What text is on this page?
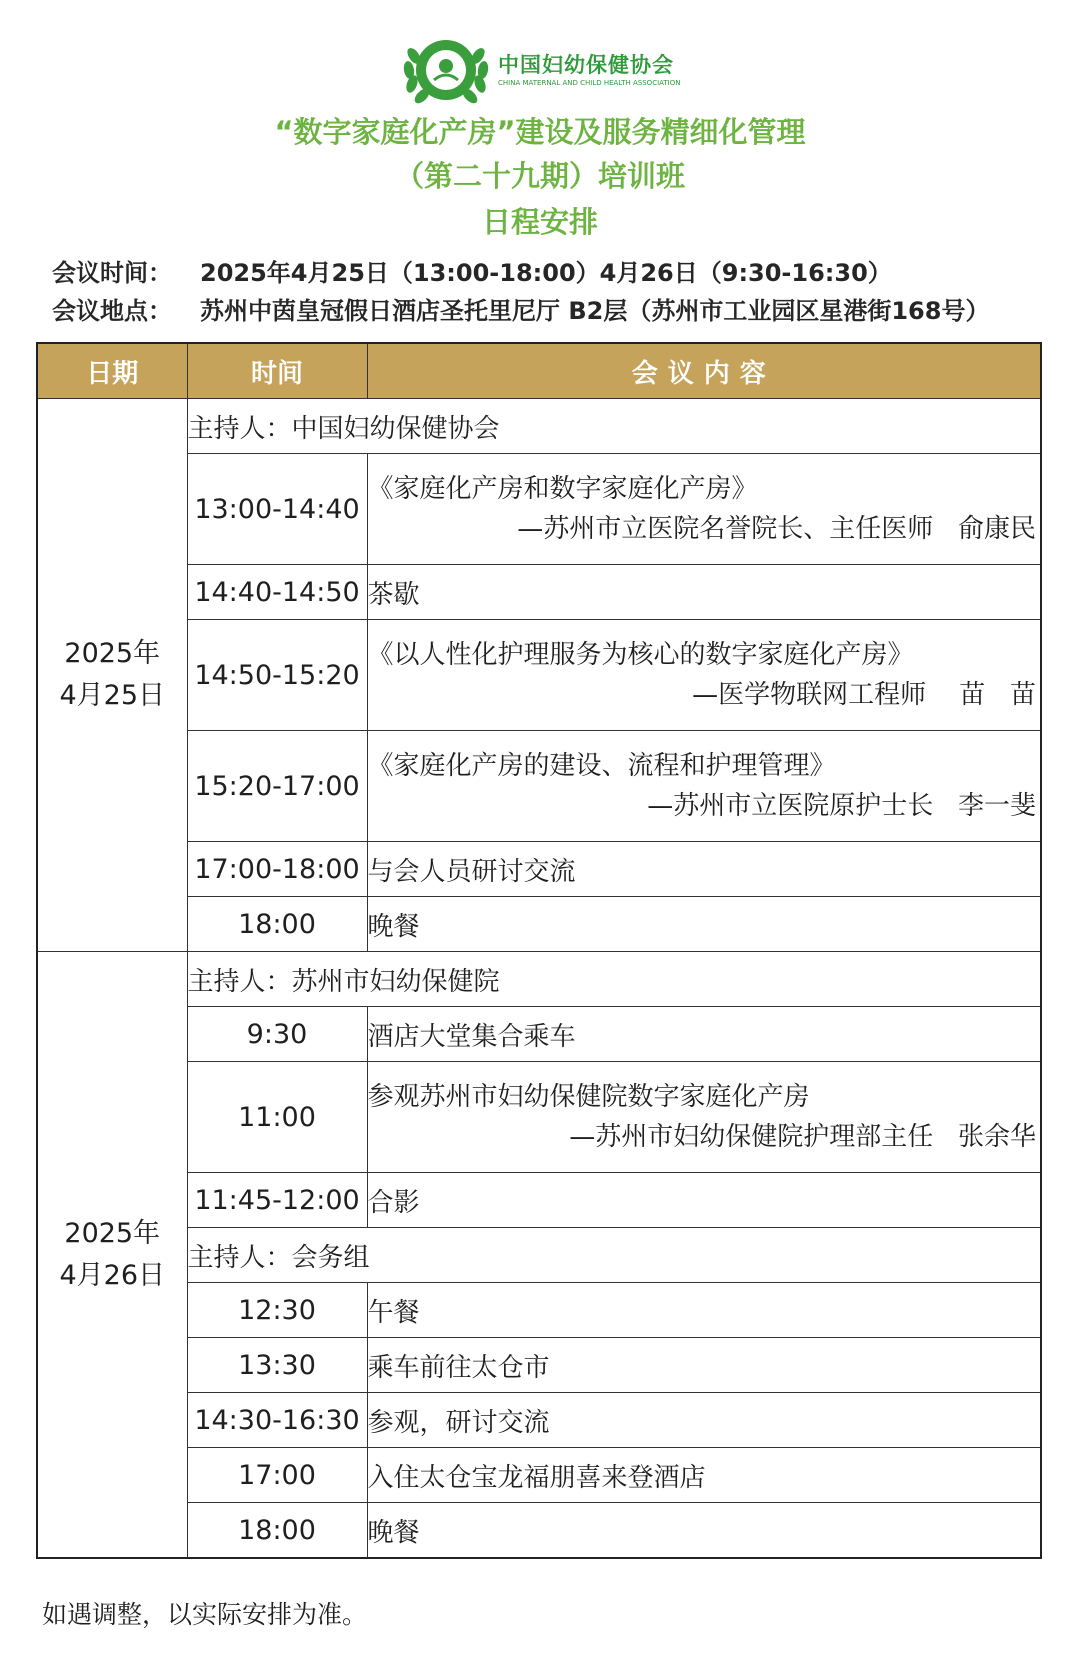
中国妇幼保健协会
CHINA MATERNAL AND CHILD HEALTH ASSOCIATION
“数字家庭化产房”建设及服务精细化管理
（第二十九期）培训班
日程安排
会议时间： 2025年4月25日（13:00-18:00）4月26日（9:30-16:30）
会议地点： 苏州中茵皇冠假日酒店圣托里尼厅 B2层（苏州市工业园区星港街168号）
日期	时间	会议内容

2025年
4月25日	主持人：中国妇幼保健协会	
	13:00-14:40	《家庭化产房和数字家庭化产房》
—苏州市立医院名誉院长、主任医师   俞康民

	14:40-14:50	茶歇
	14:50-15:20	《以人性化护理服务为核心的数字家庭化产房》
—医学物联网工程师    苗   苗

	15:20-17:00	《家庭化产房的建设、流程和护理管理》
—苏州市立医院原护士长   李一斐

	17:00-18:00	与会人员研讨交流
	18:00	晚餐

2025年
4月26日	主持人：苏州市妇幼保健院	
	9:30	酒店大堂集合乘车
	11:00	参观苏州市妇幼保健院数字家庭化产房
—苏州市妇幼保健院护理部主任   张余华

	11:45-12:00	合影
	主持人：会务组	
	12:30	午餐
	13:30	乘车前往太仓市
	14:30-16:30	参观，研讨交流
	17:00	入住太仓宝龙福朋喜来登酒店
	18:00	晚餐
如遇调整，以实际安排为准。
